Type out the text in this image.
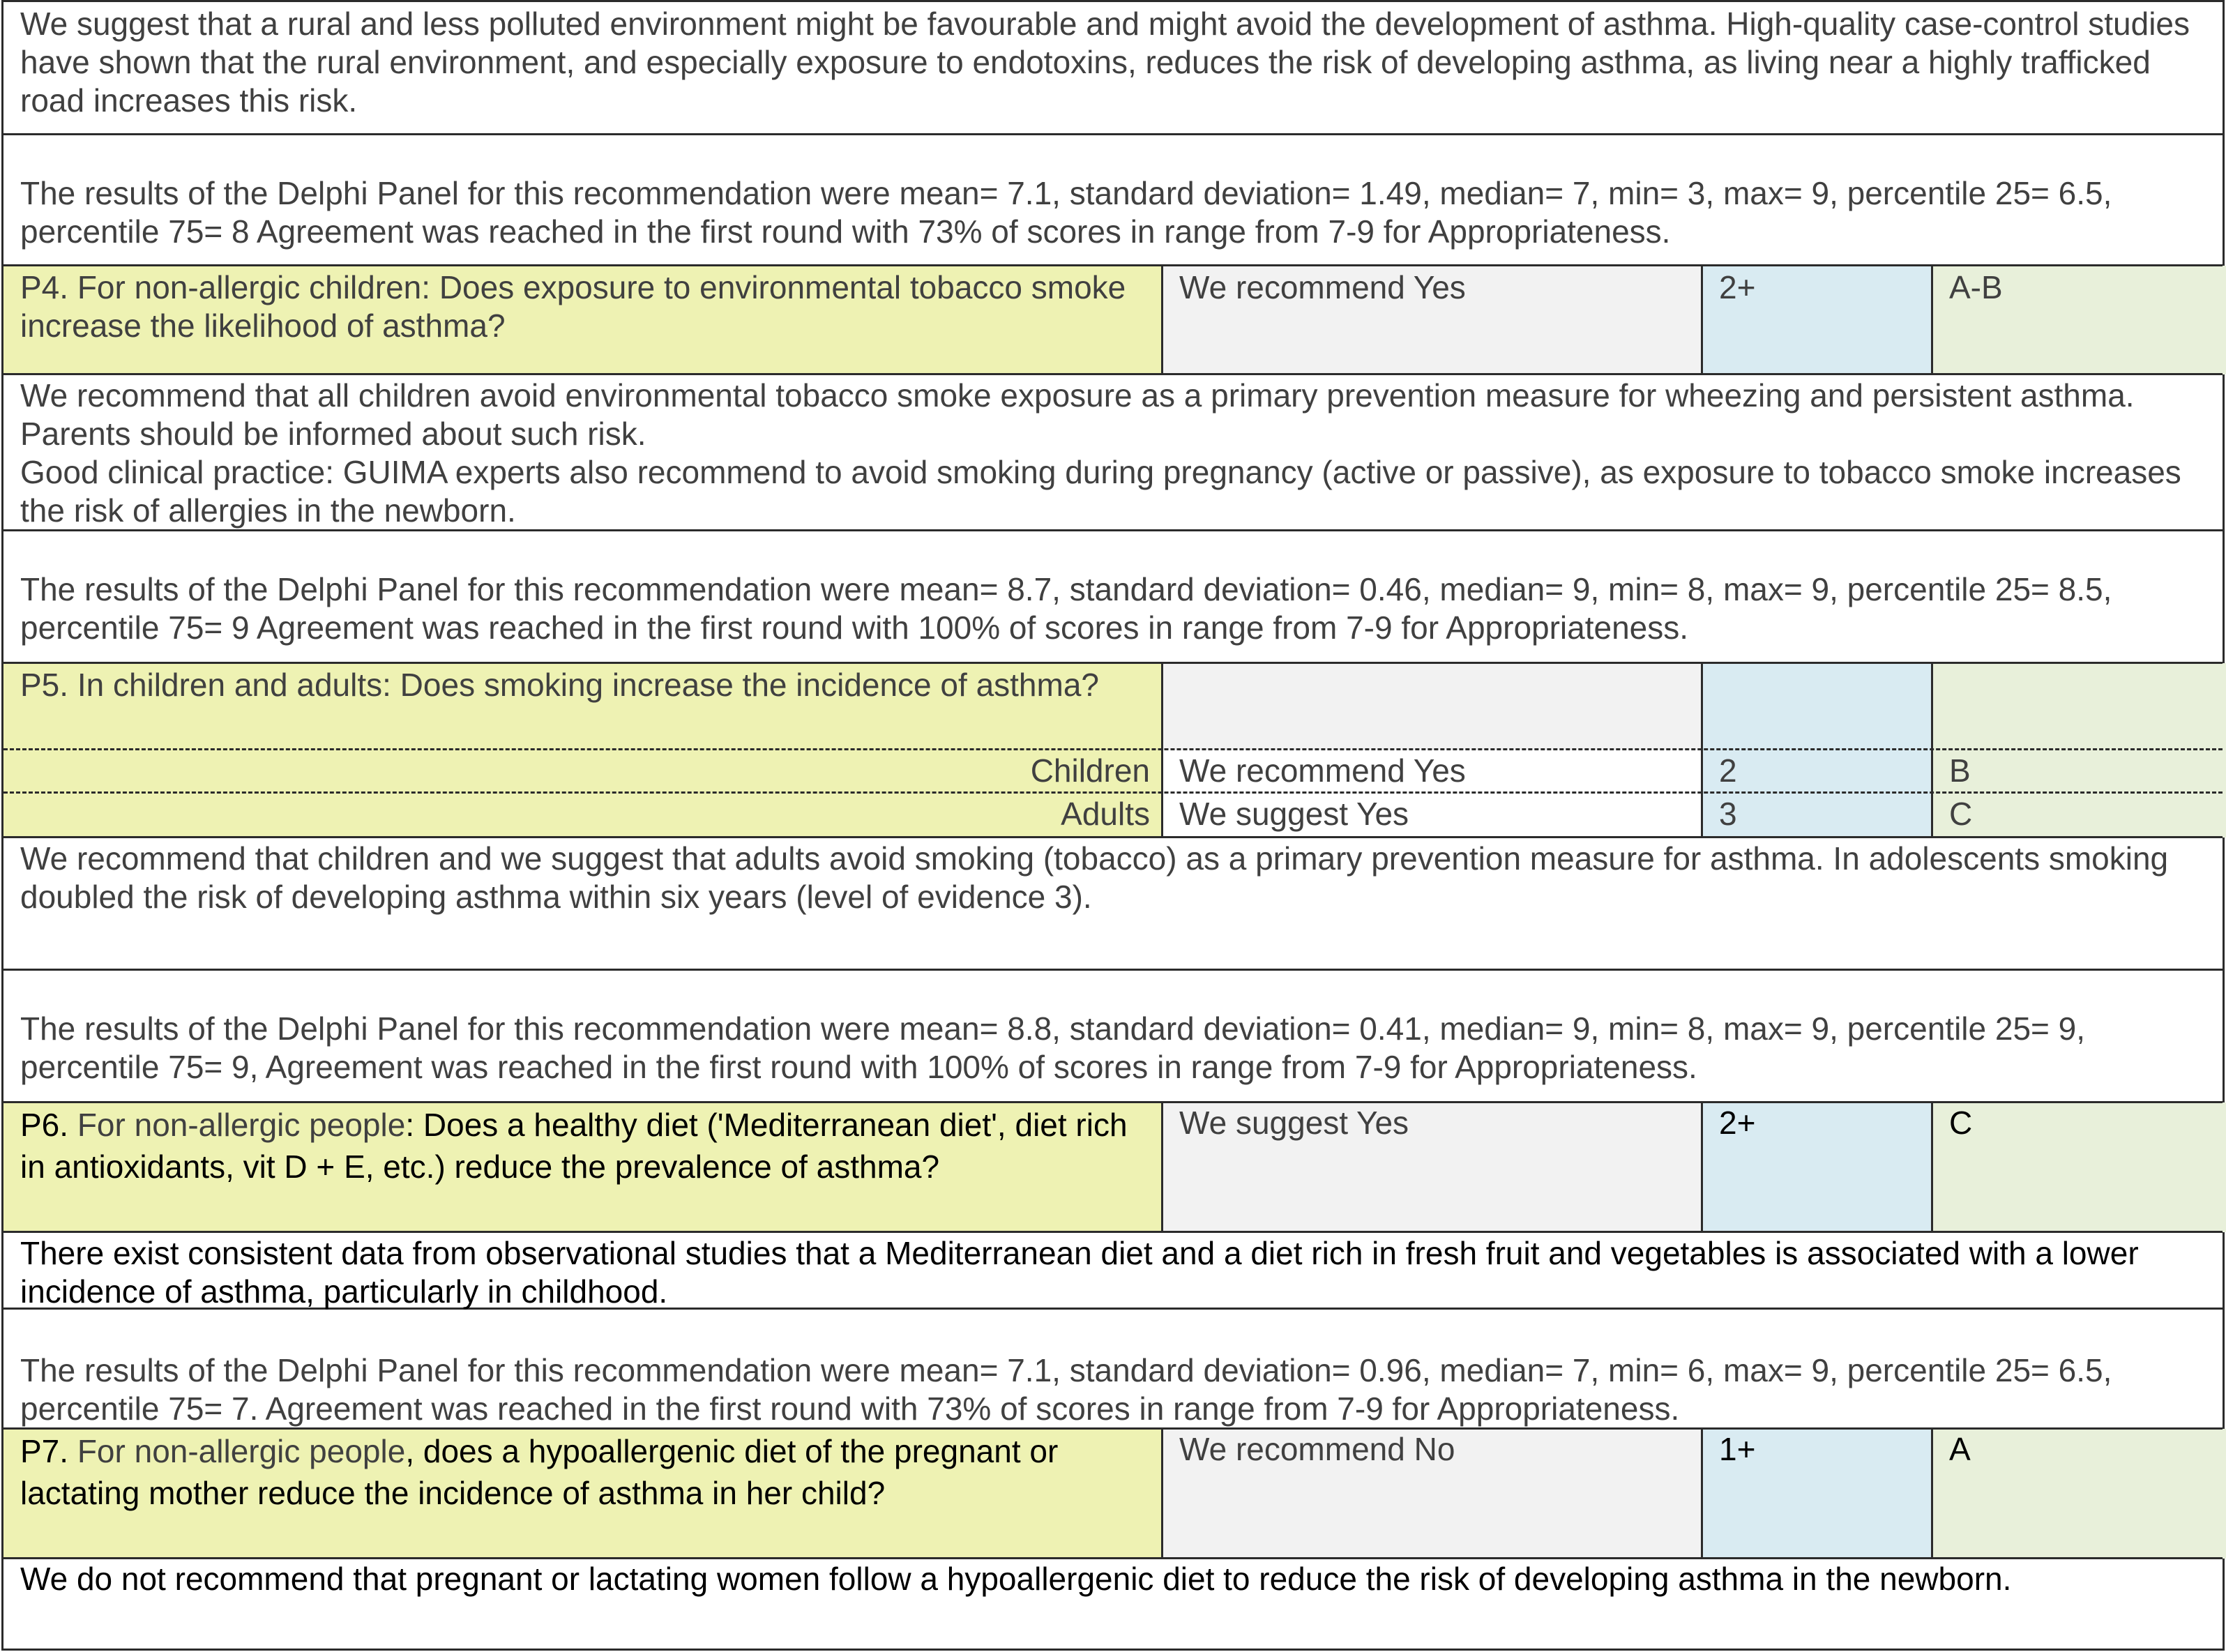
We suggest that a rural and less polluted environment might be favourable and might avoid the development of asthma. High-quality case-control studies have shown that the rural environment, and especially exposure to endotoxins, reduces the risk of developing asthma, as living near a highly trafficked road increases this risk.
The results of the Delphi Panel for this recommendation were mean= 7.1, standard deviation= 1.49, median= 7, min= 3, max= 9, percentile 25= 6.5, percentile 75= 8 Agreement was reached in the first round with 73% of scores in range from 7-9 for Appropriateness.
P4. For non-allergic children: Does exposure to environmental tobacco smoke increase the likelihood of asthma?
We recommend Yes	2+	A-B
We recommend that all children avoid environmental tobacco smoke exposure as a primary prevention measure for wheezing and persistent asthma. Parents should be informed about such risk.
Good clinical practice: GUIMA experts also recommend to avoid smoking during pregnancy (active or passive), as exposure to tobacco smoke increases the risk of allergies in the newborn.
The results of the Delphi Panel for this recommendation were mean= 8.7, standard deviation= 0.46, median= 9, min= 8, max= 9, percentile 25= 8.5, percentile 75= 9 Agreement was reached in the first round with 100% of scores in range from 7-9 for Appropriateness.
P5. In children and adults: Does smoking increase the incidence of asthma?
Children We recommend Yes	2	B
Adults We suggest Yes	3	C
We recommend that children and we suggest that adults avoid smoking (tobacco) as a primary prevention measure for asthma. In adolescents smoking doubled the risk of developing asthma within six years (level of evidence 3).
The results of the Delphi Panel for this recommendation were mean= 8.8, standard deviation= 0.41, median= 9, min= 8, max= 9, percentile 25= 9, percentile 75= 9, Agreement was reached in the first round with 100% of scores in range from 7-9 for Appropriateness.
P6. For non-allergic people: Does a healthy diet ('Mediterranean diet', diet rich in antioxidants, vit D + E, etc.) reduce the prevalence of asthma?
We suggest Yes	2+	C
There exist consistent data from observational studies that a Mediterranean diet and a diet rich in fresh fruit and vegetables is associated with a lower incidence of asthma, particularly in childhood.
The results of the Delphi Panel for this recommendation were mean= 7.1, standard deviation= 0.96, median= 7, min= 6, max= 9, percentile 25= 6.5, percentile 75= 7. Agreement was reached in the first round with 73% of scores in range from 7-9 for Appropriateness.
P7. For non-allergic people, does a hypoallergenic diet of the pregnant or lactating mother reduce the incidence of asthma in her child?
We recommend No	1+	A
We do not recommend that pregnant or lactating women follow a hypoallergenic diet to reduce the risk of developing asthma in the newborn.
